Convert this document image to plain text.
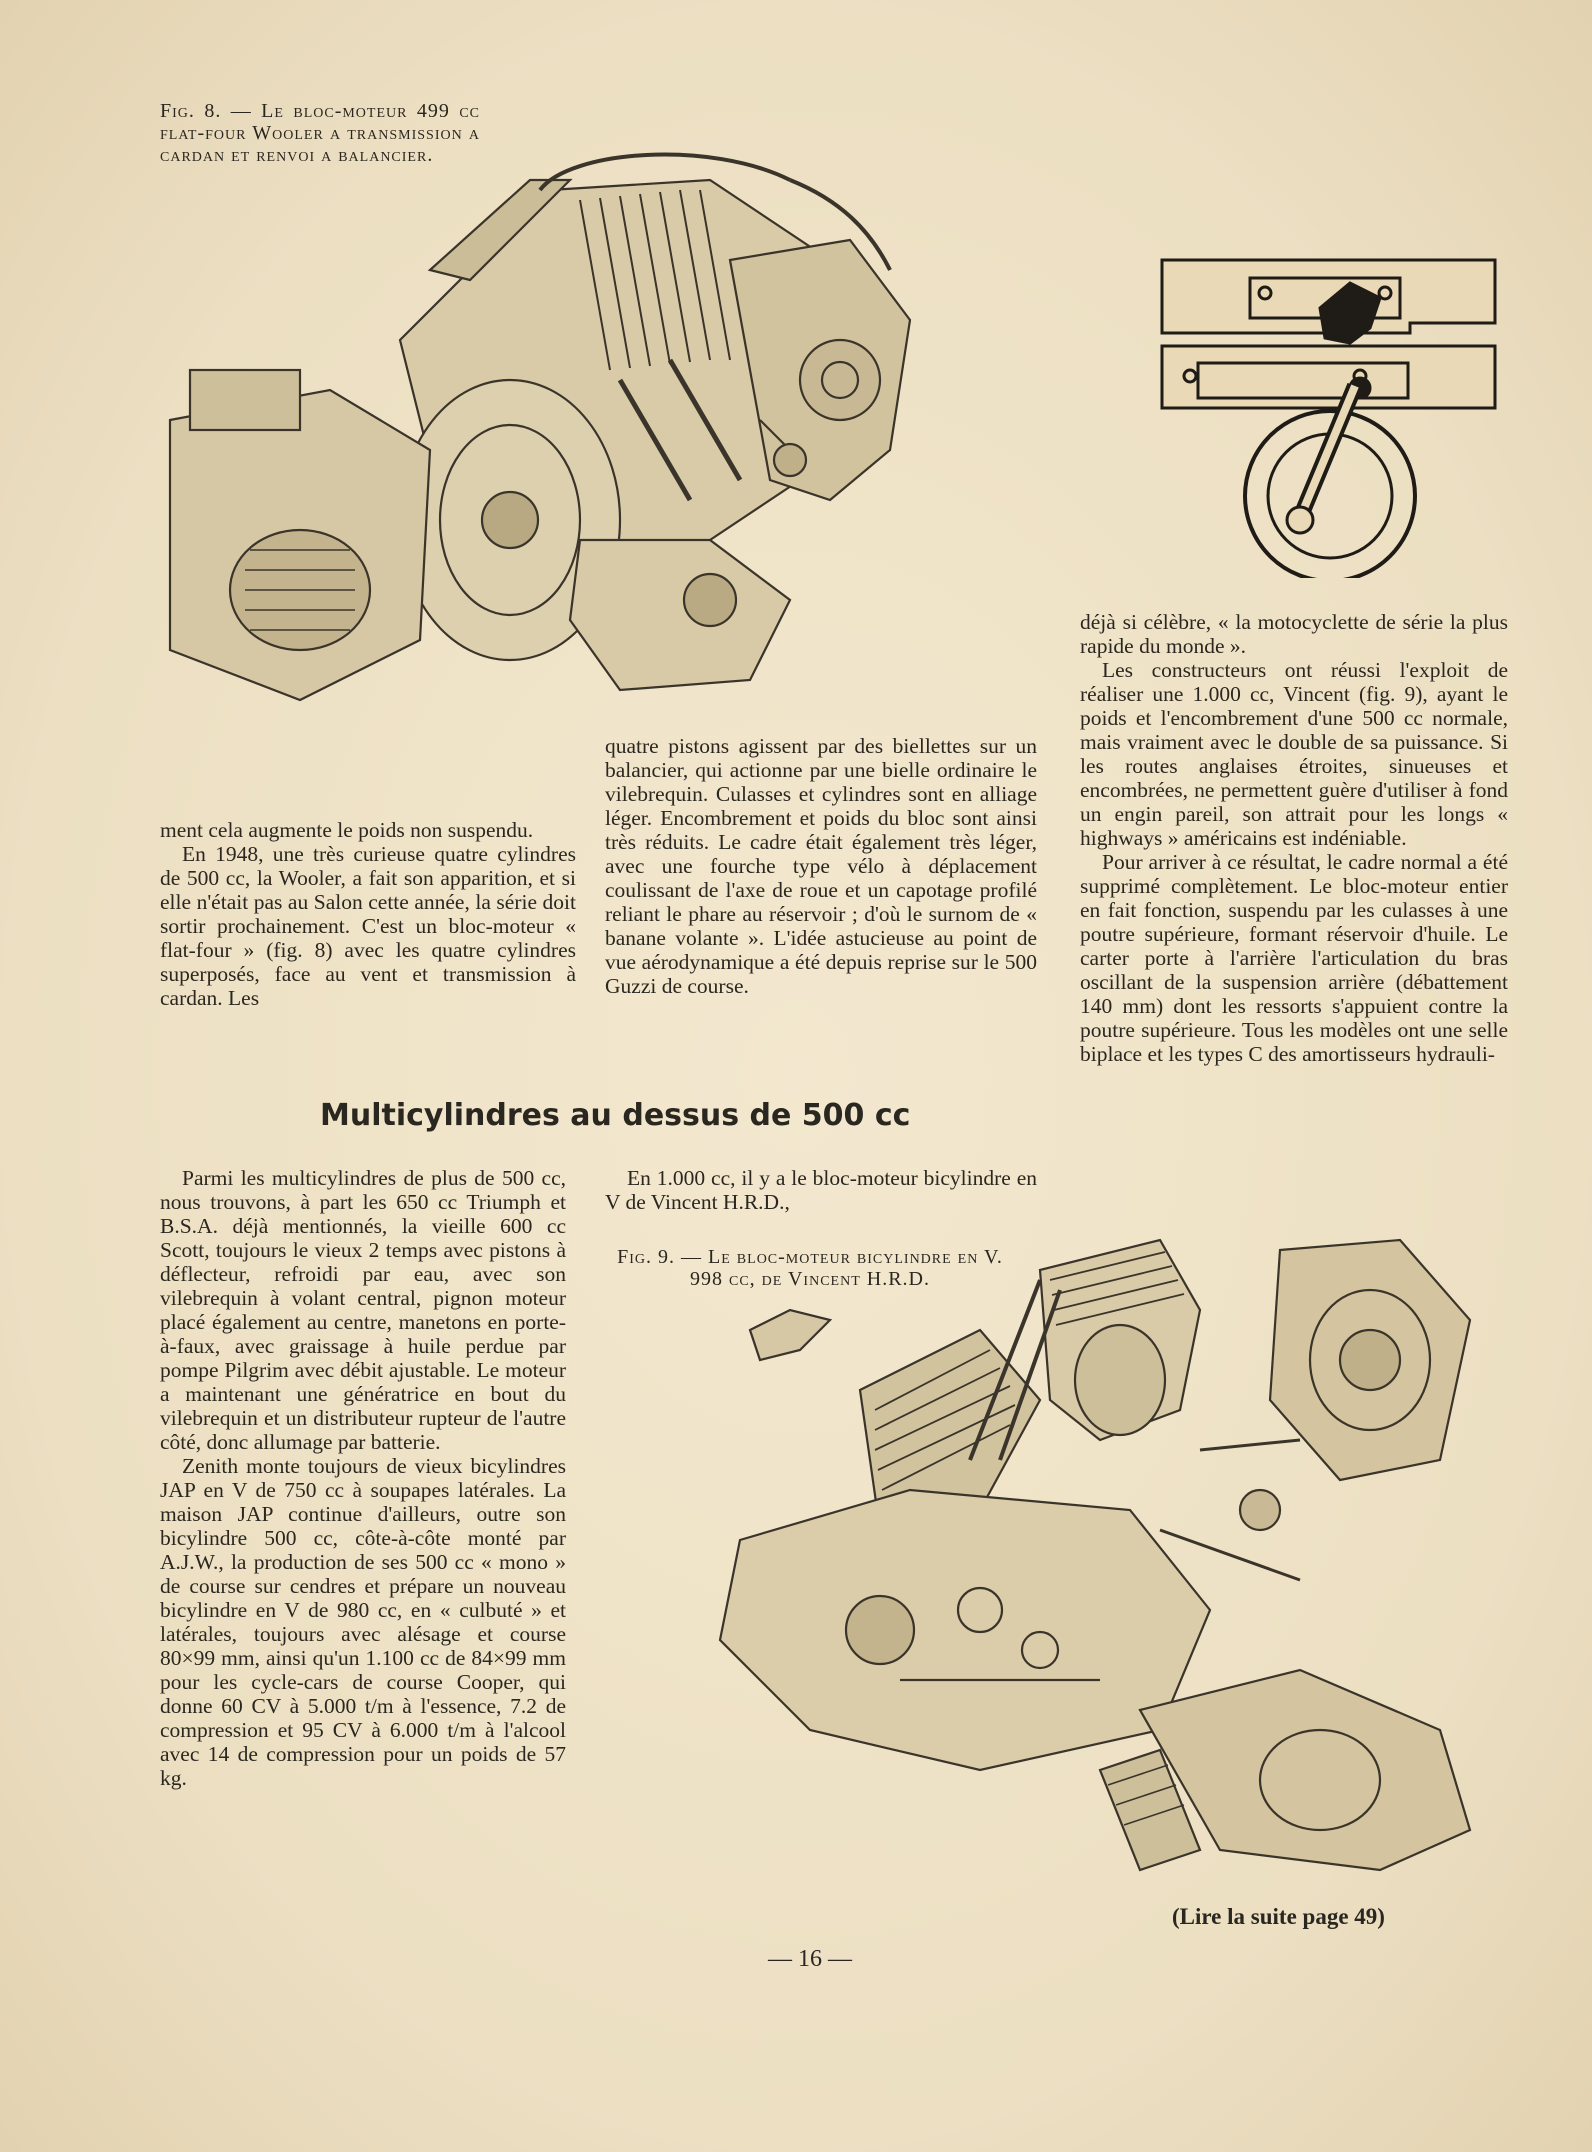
Fig. 8. — Le bloc-moteur 499 cc flat-four Wooler a transmission a cardan et renvoi a balancier.

ment cela augmente le poids non suspendu.

En 1948, une très curieuse quatre cylindres de 500 cc, la Wooler, a fait son apparition, et si elle n'était pas au Salon cette année, la série doit sortir prochainement. C'est un bloc-moteur « flat-four » (fig. 8) avec les quatre cylindres superposés, face au vent et transmission à cardan. Les

quatre pistons agissent par des biellettes sur un balancier, qui actionne par une bielle ordinaire le vilebrequin. Culasses et cylindres sont en alliage léger. Encombrement et poids du bloc sont ainsi très réduits. Le cadre était également très léger, avec une fourche type vélo à déplacement coulissant de l'axe de roue et un capotage profilé reliant le phare au réservoir ; d'où le surnom de « banane volante ». L'idée astucieuse au point de vue aérodynamique a été depuis reprise sur le 500 Guzzi de course.

déjà si célèbre, « la motocyclette de série la plus rapide du monde ».

Les constructeurs ont réussi l'exploit de réaliser une 1.000 cc, Vincent (fig. 9), ayant le poids et l'encombrement d'une 500 cc normale, mais vraiment avec le double de sa puissance. Si les routes anglaises étroites, sinueuses et encombrées, ne permettent guère d'utiliser à fond un engin pareil, son attrait pour les longs « highways » américains est indéniable.

Pour arriver à ce résultat, le cadre normal a été supprimé complètement. Le bloc-moteur entier en fait fonction, suspendu par les culasses à une poutre supérieure, formant réservoir d'huile. Le carter porte à l'arrière l'articulation du bras oscillant de la suspension arrière (débattement 140 mm) dont les ressorts s'appuient contre la poutre supérieure. Tous les modèles ont une selle biplace et les types C des amortisseurs hydrauli-

Multicylindres au dessus de 500 cc

Parmi les multicylindres de plus de 500 cc, nous trouvons, à part les 650 cc Triumph et B.S.A. déjà mentionnés, la vieille 600 cc Scott, toujours le vieux 2 temps avec pistons à déflecteur, refroidi par eau, avec son vilebrequin à volant central, pignon moteur placé également au centre, manetons en porte-à-faux, avec graissage à huile perdue par pompe Pilgrim avec débit ajustable. Le moteur a maintenant une génératrice en bout du vilebrequin et un distributeur rupteur de l'autre côté, donc allumage par batterie.

Zenith monte toujours de vieux bicylindres JAP en V de 750 cc à soupapes latérales. La maison JAP continue d'ailleurs, outre son bicylindre 500 cc, côte-à-côte monté par A.J.W., la production de ses 500 cc « mono » de course sur cendres et prépare un nouveau bicylindre en V de 980 cc, en « culbuté » et latérales, toujours avec alésage et course 80×99 mm, ainsi qu'un 1.100 cc de 84×99 mm pour les cycle-cars de course Cooper, qui donne 60 CV à 5.000 t/m à l'essence, 7.2 de compression et 95 CV à 6.000 t/m à l'alcool avec 14 de compression pour un poids de 57 kg.

En 1.000 cc, il y a le bloc-moteur bicylindre en V de Vincent H.R.D.,

Fig. 9. — Le bloc-moteur bicylindre en V. 998 cc, de Vincent H.R.D.
(Lire la suite page 49)
— 16 —
